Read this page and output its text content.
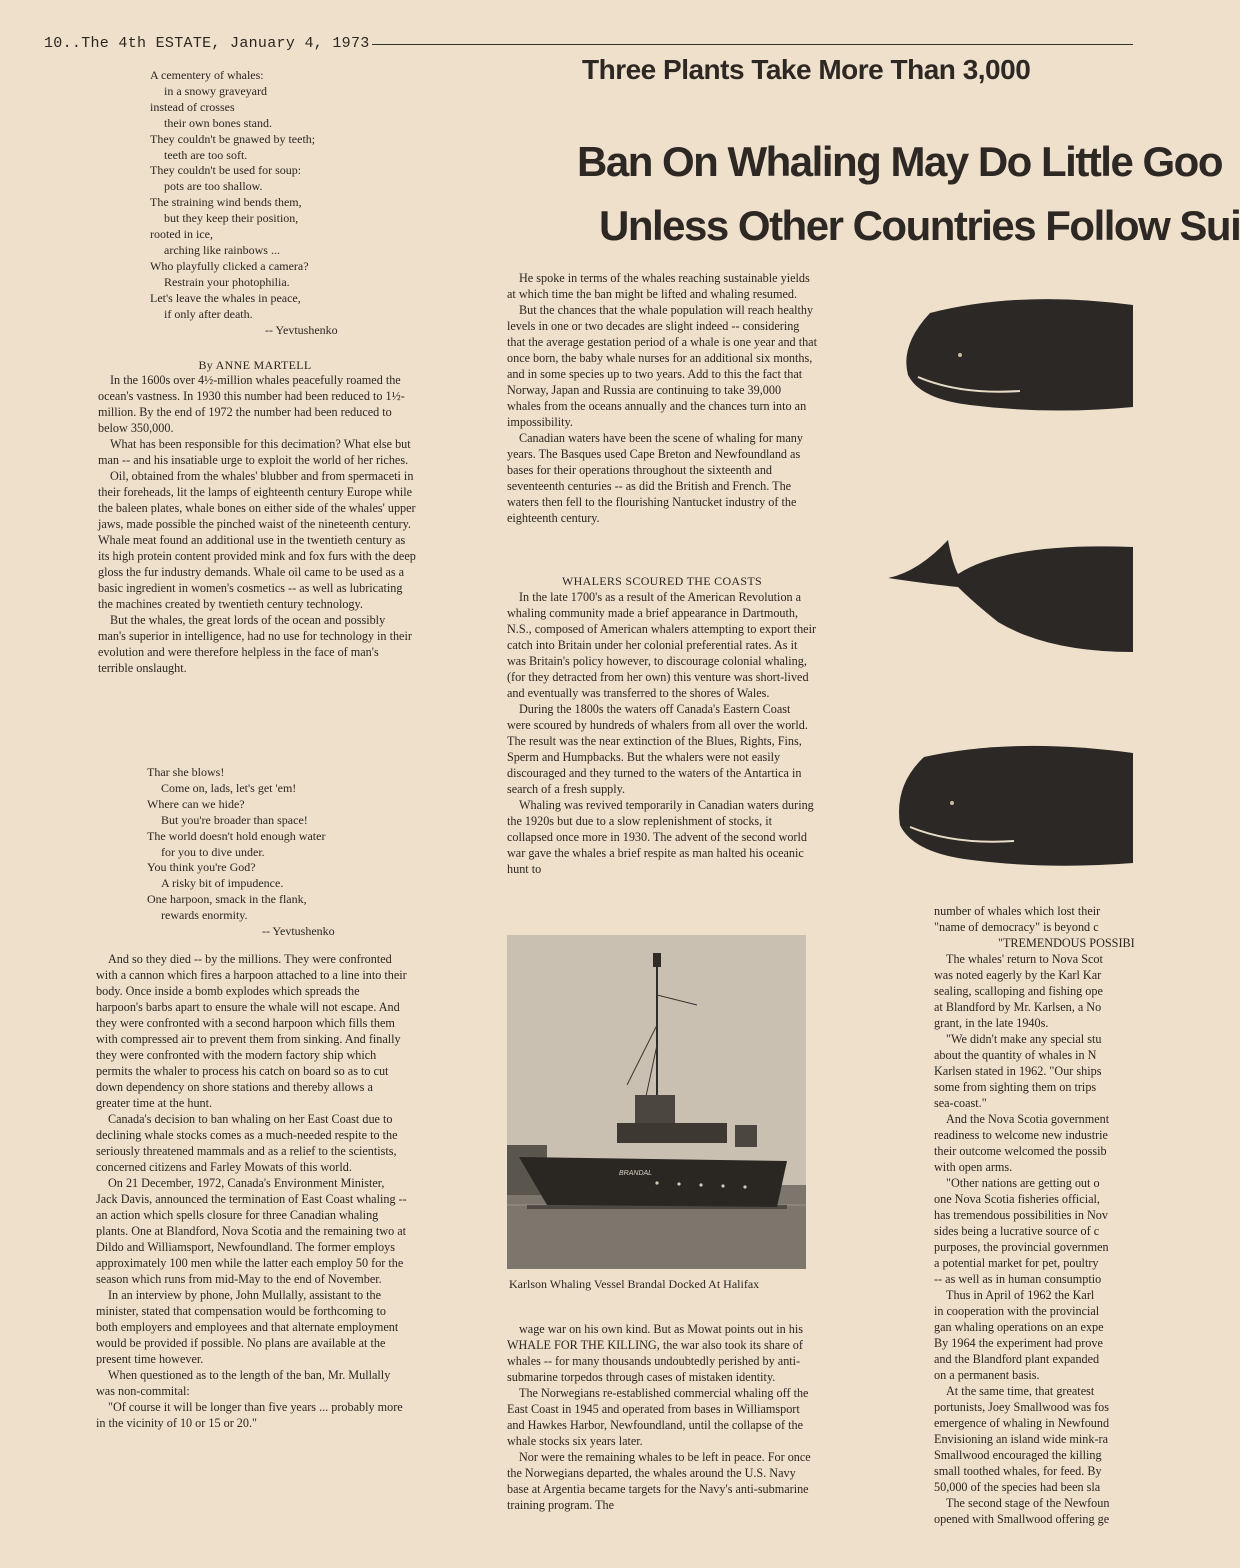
10..The 4th ESTATE, January 4, 1973
Three Plants Take More Than 3,000
Ban On Whaling May Do Little Goo
Unless Other Countries Follow Sui
A cementery of whales:
in a snowy graveyard
instead of crosses
their own bones stand.
They couldn't be gnawed by teeth;
teeth are too soft.
They couldn't be used for soup:
pots are too shallow.
The straining wind bends them,
but they keep their position,
rooted in ice,
arching like rainbows ...
Who playfully clicked a camera?
Restrain your photophilia.
Let's leave the whales in peace,
if only after death.
-- Yevtushenko
By ANNE MARTELL

In the 1600s over 4½-million whales peacefully roamed the ocean's vastness. In 1930 this number had been reduced to 1½-million. By the end of 1972 the number had been reduced to below 350,000.

What has been responsible for this decimation? What else but man -- and his insatiable urge to exploit the world of her riches.

Oil, obtained from the whales' blubber and from spermaceti in their foreheads, lit the lamps of eighteenth century Europe while the baleen plates, whale bones on either side of the whales' upper jaws, made possible the pinched waist of the nineteenth century. Whale meat found an additional use in the twentieth century as its high protein content provided mink and fox furs with the deep gloss the fur industry demands. Whale oil came to be used as a basic ingredient in women's cosmetics -- as well as lubricating the machines created by twentieth century technology.

But the whales, the great lords of the ocean and possibly man's superior in intelligence, had no use for technology in their evolution and were therefore helpless in the face of man's terrible onslaught.

Thar she blows!
Come on, lads, let's get 'em!
Where can we hide?
But you're broader than space!
The world doesn't hold enough water
for you to dive under.
You think you're God?
A risky bit of impudence.
One harpoon, smack in the flank,
rewards enormity.
-- Yevtushenko

And so they died -- by the millions. They were confronted with a cannon which fires a harpoon attached to a line into their body. Once inside a bomb explodes which spreads the harpoon's barbs apart to ensure the whale will not escape. And they were confronted with a second harpoon which fills them with compressed air to prevent them from sinking. And finally they were confronted with the modern factory ship which permits the whaler to process his catch on board so as to cut down dependency on shore stations and thereby allows a greater time at the hunt.

Canada's decision to ban whaling on her East Coast due to declining whale stocks comes as a much-needed respite to the seriously threatened mammals and as a relief to the scientists, concerned citizens and Farley Mowats of this world.

On 21 December, 1972, Canada's Environment Minister, Jack Davis, announced the termination of East Coast whaling -- an action which spells closure for three Canadian whaling plants. One at Blandford, Nova Scotia and the remaining two at Dildo and Williamsport, Newfoundland. The former employs approximately 100 men while the latter each employ 50 for the season which runs from mid-May to the end of November.

In an interview by phone, John Mullally, assistant to the minister, stated that compensation would be forthcoming to both employers and employees and that alternate employment would be provided if possible. No plans are available at the present time however.

When questioned as to the length of the ban, Mr. Mullally was non-commital:

"Of course it will be longer than five years ... probably more in the vicinity of 10 or 15 or 20."

He spoke in terms of the whales reaching sustainable yields at which time the ban might be lifted and whaling resumed.

But the chances that the whale population will reach healthy levels in one or two decades are slight indeed -- considering that the average gestation period of a whale is one year and that once born, the baby whale nurses for an additional six months, and in some species up to two years. Add to this the fact that Norway, Japan and Russia are continuing to take 39,000 whales from the oceans annually and the chances turn into an impossibility.

Canadian waters have been the scene of whaling for many years. The Basques used Cape Breton and Newfoundland as bases for their operations throughout the sixteenth and seventeenth centuries -- as did the British and French. The waters then fell to the flourishing Nantucket industry of the eighteenth century.

WHALERS SCOURED THE COASTS

In the late 1700's as a result of the American Revolution a whaling community made a brief appearance in Dartmouth, N.S., composed of American whalers attempting to export their catch into Britain under her colonial preferential rates. As it was Britain's policy however, to discourage colonial whaling, (for they detracted from her own) this venture was short-lived and eventually was transferred to the shores of Wales.

During the 1800s the waters off Canada's Eastern Coast were scoured by hundreds of whalers from all over the world. The result was the near extinction of the Blues, Rights, Fins, Sperm and Humpbacks. But the whalers were not easily discouraged and they turned to the waters of the Antartica in search of a fresh supply.

Whaling was revived temporarily in Canadian waters during the 1920s but due to a slow replenishment of stocks, it collapsed once more in 1930. The advent of the second world war gave the whales a brief respite as man halted his oceanic hunt to

BRANDAL
Karlson Whaling Vessel Brandal Docked At Halifax

wage war on his own kind. But as Mowat points out in his WHALE FOR THE KILLING, the war also took its share of whales -- for many thousands undoubtedly perished by anti-submarine torpedos through cases of mistaken identity.

The Norwegians re-established commercial whaling off the East Coast in 1945 and operated from bases in Williamsport and Hawkes Harbor, Newfoundland, until the collapse of the whale stocks six years later.

Nor were the remaining whales to be left in peace. For once the Norwegians departed, the whales around the U.S. Navy base at Argentia became targets for the Navy's anti-submarine training program. The

number of whales which lost their
"name of democracy" is beyond c
"TREMENDOUS POSSIBI
The whales' return to Nova Scot
was noted eagerly by the Karl Kar
sealing, scalloping and fishing ope
at Blandford by Mr. Karlsen, a No
grant, in the late 1940s.
"We didn't make any special stu
about the quantity of whales in N
Karlsen stated in 1962. "Our ships
some from sighting them on trips
sea-coast."
And the Nova Scotia government
readiness to welcome new industrie
their outcome welcomed the possib
with open arms.
"Other nations are getting out o
one Nova Scotia fisheries official,
has tremendous possibilities in Nov
sides being a lucrative source of c
purposes, the provincial governmen
a potential market for pet, poultry
-- as well as in human consumptio
Thus in April of 1962 the Karl
in cooperation with the provincial
gan whaling operations on an expe
By 1964 the experiment had prove
and the Blandford plant expanded
on a permanent basis.
At the same time, that greatest
portunists, Joey Smallwood was fos
emergence of whaling in Newfound
Envisioning an island wide mink-ra
Smallwood encouraged the killing
small toothed whales, for feed. By
50,000 of the species had been sla
The second stage of the Newfoun
opened with Smallwood offering ge
